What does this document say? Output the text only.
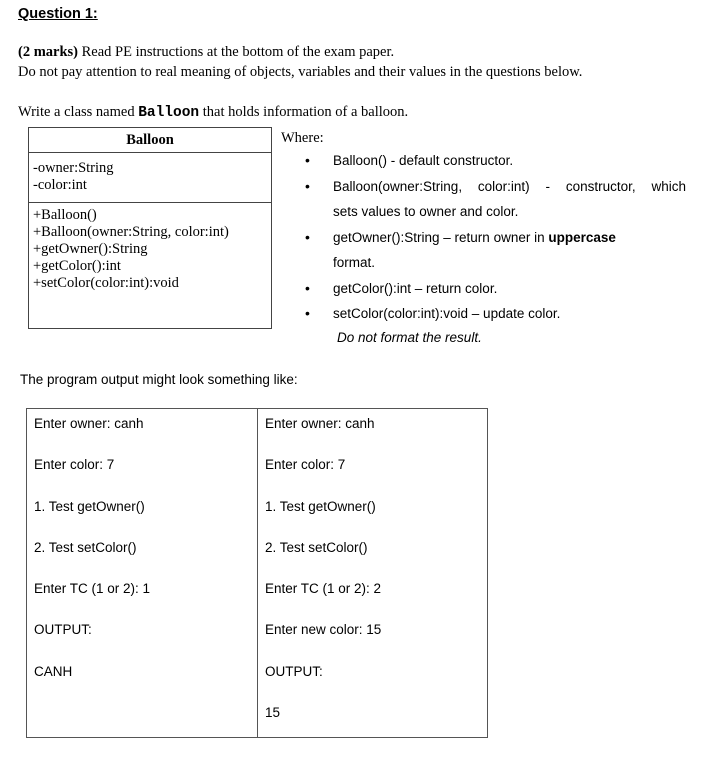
Question 1:
(2 marks) Read PE instructions at the bottom of the exam paper.
Do not pay attention to real meaning of objects, variables and their values in the questions below.
Write a class named Balloon that holds information of a balloon.
Balloon
-owner:String
-color:int
+Balloon()
+Balloon(owner:String, color:int)
+getOwner():String
+getColor():int
+setColor(color:int):void
Where:
• Balloon() - default constructor.
• Balloon(owner:String, color:int) - constructor, which
sets values to owner and color.
• getOwner():String – return owner in uppercase
format.
• getColor():int – return color.
• setColor(color:int):void – update color.
Do not format the result.
The program output might look something like:
Enter owner: canh
Enter color: 7
1. Test getOwner()
2. Test setColor()
Enter TC (1 or 2): 1
OUTPUT:
CANH
Enter owner: canh
Enter color: 7
1. Test getOwner()
2. Test setColor()
Enter TC (1 or 2): 2
Enter new color: 15
OUTPUT:
15
